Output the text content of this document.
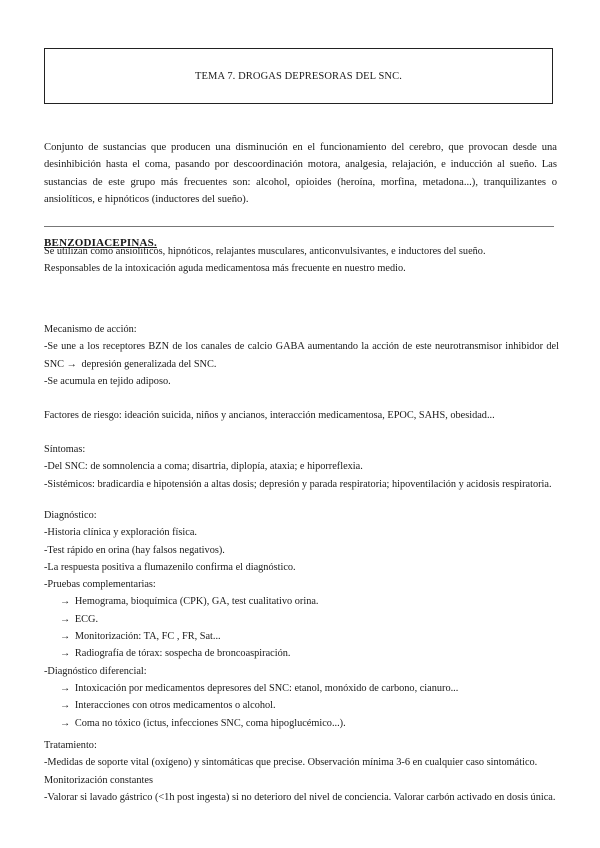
TEMA 7. DROGAS DEPRESORAS DEL SNC.

Conjunto de sustancias que producen una disminución en el funcionamiento del cerebro, que provocan desde una desinhibición hasta el coma, pasando por descoordinación motora, analgesia, relajación, e inducción al sueño. Las sustancias de este grupo más frecuentes son: alcohol, opioides (heroína, morfina, metadona...), tranquilizantes o ansiolíticos, e hipnóticos (inductores del sueño).

BENZODIACEPINAS.
Se utilizan como ansiolíticos, hipnóticos, relajantes musculares, anticonvulsivantes, e inductores del sueño.
Responsables de la intoxicación aguda medicamentosa más frecuente en nuestro medio.
Mecanismo de acción:
-Se une a los receptores BZN de los canales de calcio GABA aumentando la acción de este neurotransmisor inhibidor del
SNC → depresión generalizada del SNC.
-Se acumula en tejido adiposo.
Factores de riesgo: ideación suicida, niños y ancianos, interacción medicamentosa, EPOC, SAHS, obesidad...
Síntomas:
-Del SNC: de somnolencia a coma; disartria, diplopía, ataxia; e hiporreflexia.
-Sistémicos: bradicardia e hipotensión a altas dosis; depresión y parada respiratoria; hipoventilación y acidosis respiratoria.
Diagnóstico:
-Historia clínica y exploración física.
-Test rápido en orina (hay falsos negativos).
-La respuesta positiva a flumazenilo confirma el diagnóstico.
-Pruebas complementarias:
→ Hemograma, bioquímica (CPK), GA, test cualitativo orina.
→ ECG.
→ Monitorización: TA, FC , FR, Sat...
→ Radiografía de tórax: sospecha de broncoaspiración.
-Diagnóstico diferencial:
→ Intoxicación por medicamentos depresores del SNC: etanol, monóxido de carbono, cianuro...
→ Interacciones con otros medicamentos o alcohol.
→ Coma no tóxico (ictus, infecciones SNC, coma hipoglucémico...).
Tratamiento:
-Medidas de soporte vital (oxígeno) y sintomáticas que precise. Observación mínima 3-6 en cualquier caso sintomático.
Monitorización constantes
-Valorar si lavado gástrico (<1h post ingesta) si no deterioro del nivel de conciencia. Valorar carbón activado en dosis única.
